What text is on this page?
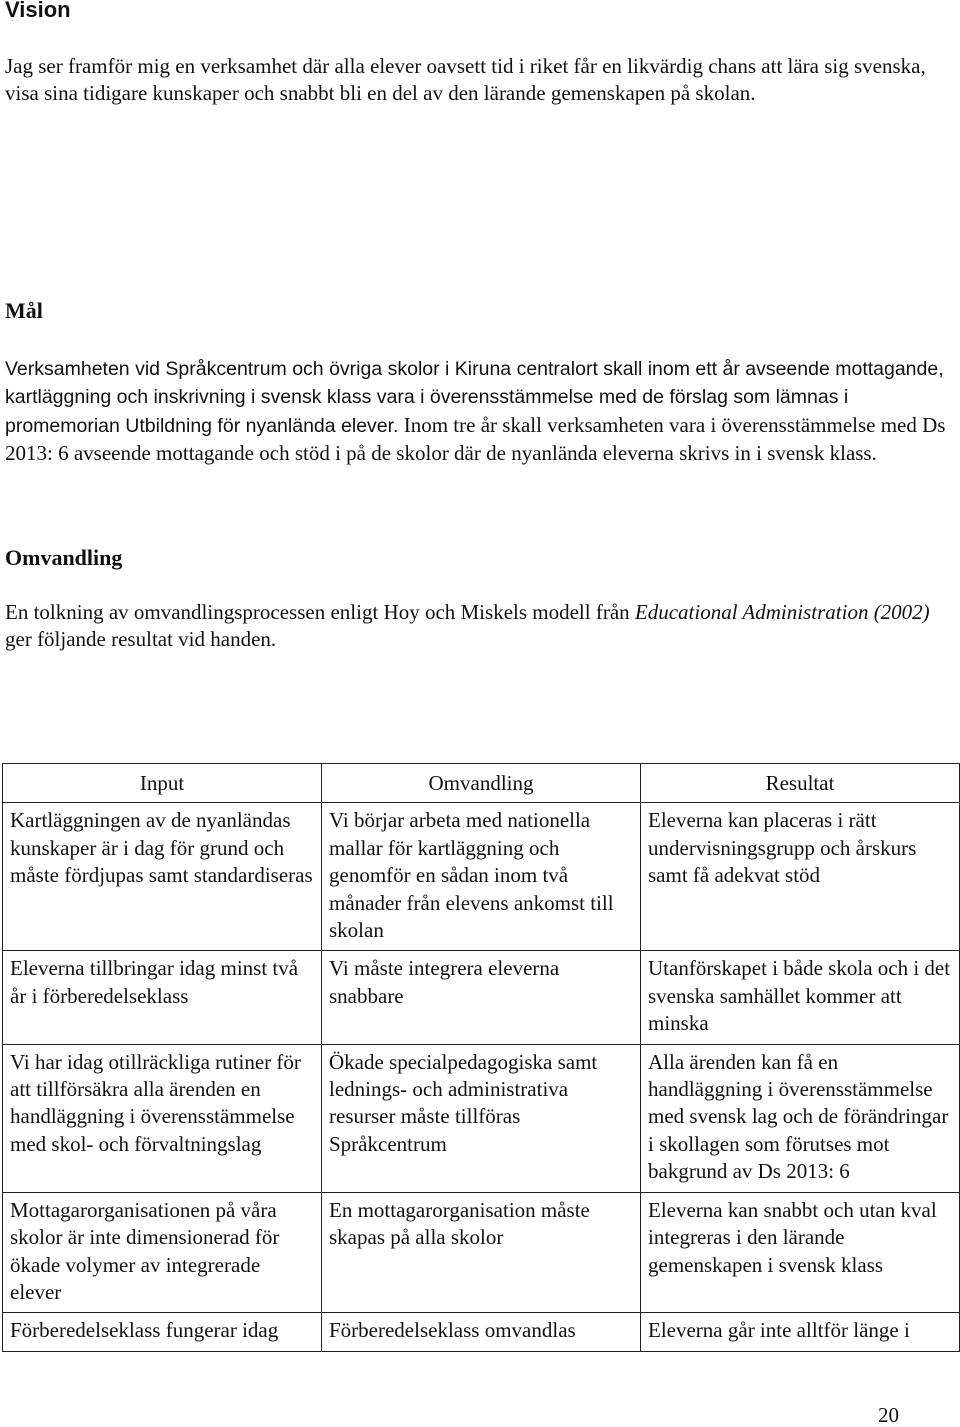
Vision
Jag ser framför mig en verksamhet där alla elever oavsett tid i riket får en likvärdig chans att lära sig svenska, visa sina tidigare kunskaper och snabbt bli en del av den lärande gemenskapen på skolan.
Mål
Verksamheten vid Språkcentrum och övriga skolor i Kiruna centralort skall inom ett år avseende mottagande, kartläggning och inskrivning i svensk klass vara i överensstämmelse med de förslag som lämnas i promemorian Utbildning för nyanlända elever. Inom tre år skall verksamheten vara i överensstämmelse med Ds 2013: 6 avseende mottagande och stöd i på de skolor där de nyanlända eleverna skrivs in i svensk klass.
Omvandling
En tolkning av omvandlingsprocessen enligt Hoy och Miskels modell från Educational Administration (2002) ger följande resultat vid handen.
Input	Omvandling	Resultat
Kartläggningen av de nyanländas kunskaper är i dag för grund och måste fördjupas samt standardiseras	Vi börjar arbeta med nationella mallar för kartläggning och genomför en sådan inom två månader från elevens ankomst till skolan	Eleverna kan placeras i rätt undervisningsgrupp och årskurs samt få adekvat stöd
Eleverna tillbringar idag minst två år i förberedelseklass	Vi måste integrera eleverna snabbare	Utanförskapet i både skola och i det svenska samhället kommer att minska
Vi har idag otillräckliga rutiner för att tillförsäkra alla ärenden en handläggning i överensstämmelse med skol- och förvaltningslag	Ökade specialpedagogiska samt lednings- och administrativa resurser måste tillföras Språkcentrum	Alla ärenden kan få en handläggning i överensstämmelse med svensk lag och de förändringar i skollagen som förutses mot bakgrund av Ds 2013: 6
Mottagarorganisationen på våra skolor är inte dimensionerad för ökade volymer av integrerade elever	En mottagarorganisation måste skapas på alla skolor	Eleverna kan snabbt och utan kval integreras i den lärande gemenskapen i svensk klass
Förberedelseklass fungerar idag	Förberedelseklass omvandlas	Eleverna går inte alltför länge i
20
